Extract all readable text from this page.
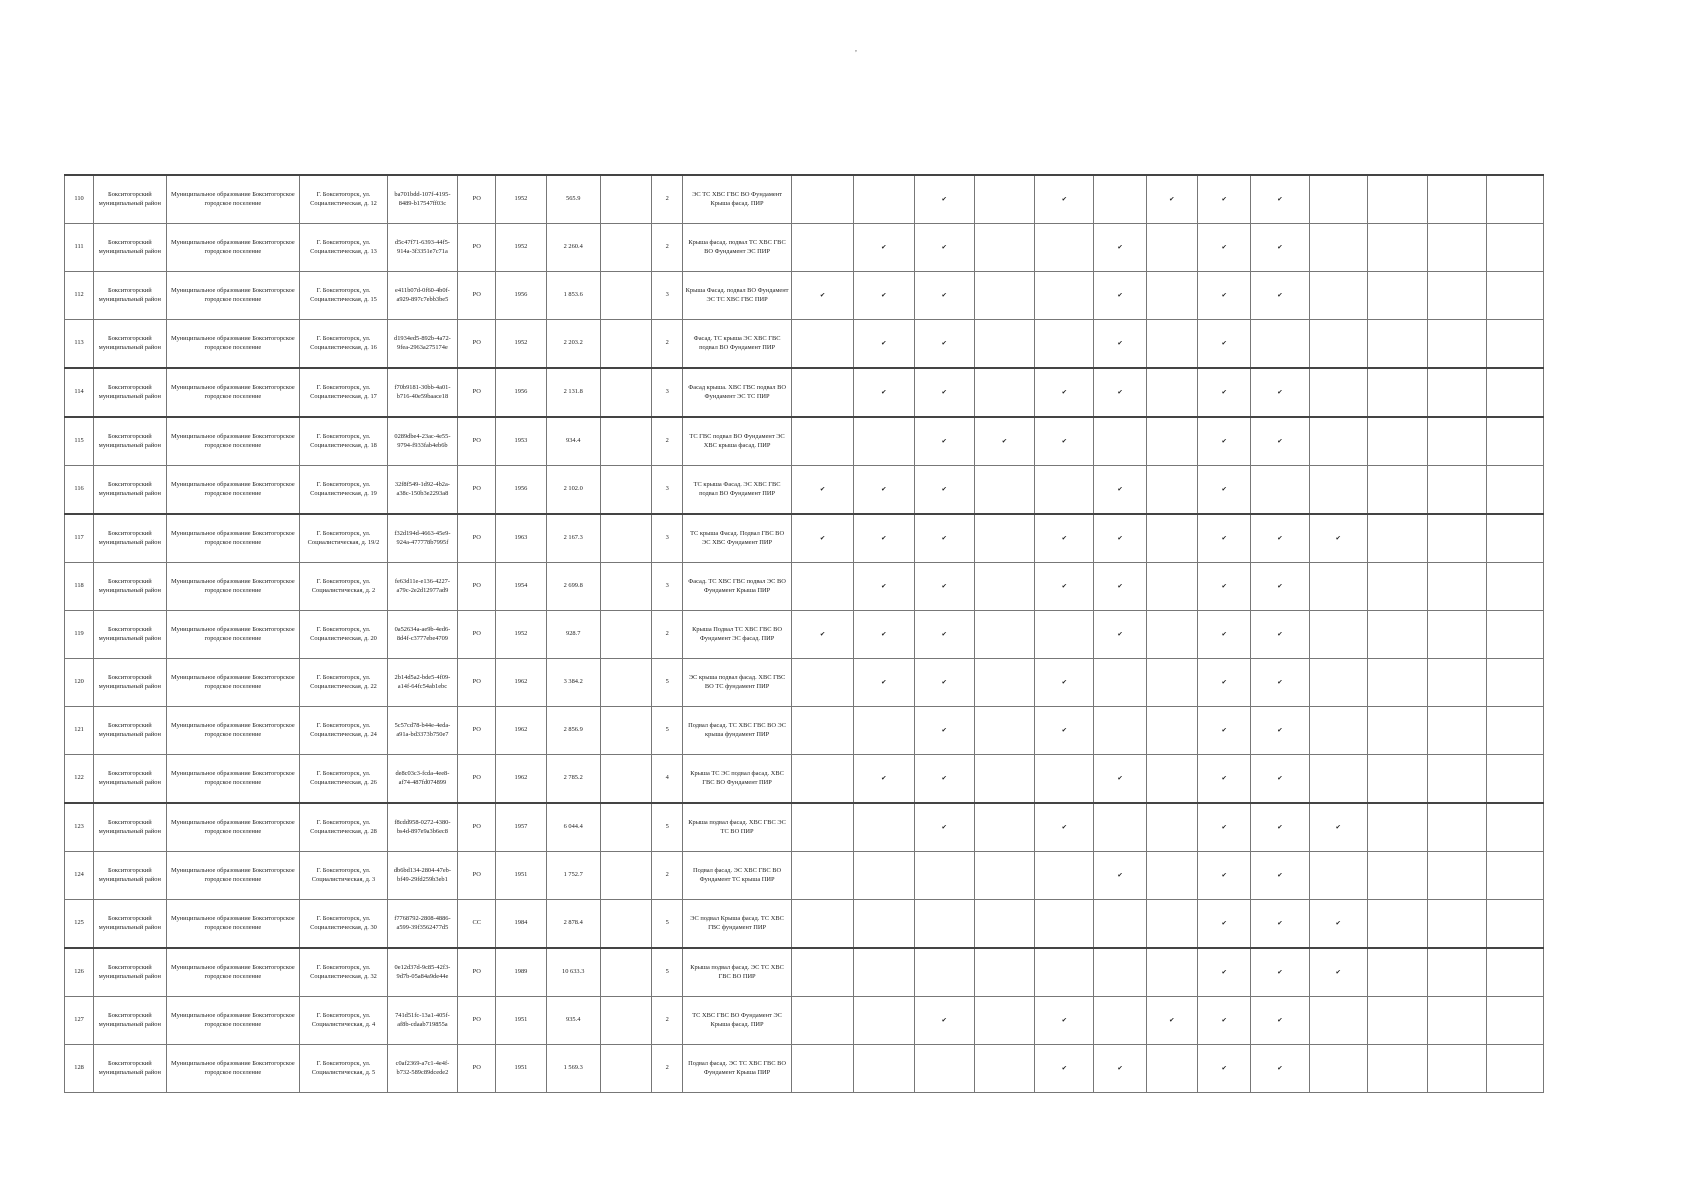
,
110	Бокситогорский муниципальный район	Муниципальное образование Бокситогорское городское поселение	Г. Бокситогорск, ул. Социалистическая, д. 12	ba701bdd-107f-4195-8489-b17547ff03c	РО	1952	565.9		2	ЭС ТС ХВС ГВС ВО Фундамент Крыша фасад. ПИР			✔		✔		✔	✔	✔				
111	Бокситогорский муниципальный район	Муниципальное образование Бокситогорское городское поселение	Г. Бокситогорск, ул. Социалистическая, д. 13	d5c47f71-6393-44f5-914a-3f3351e7c71a	РО	1952	2 260.4		2	Крыша фасад. подвал ТС ХВС ГВС ВО Фундамент ЭС ПИР		✔	✔			✔		✔	✔				
112	Бокситогорский муниципальный район	Муниципальное образование Бокситогорское городское поселение	Г. Бокситогорск, ул. Социалистическая, д. 15	e411b07d-0f60-4b0f-a929-897c7ebb3be5	РО	1956	1 853.6		3	Крыша Фасад. подвал ВО Фундамент ЭС ТС ХВС ГВС ПИР	✔	✔	✔			✔		✔	✔				
113	Бокситогорский муниципальный район	Муниципальное образование Бокситогорское городское поселение	Г. Бокситогорск, ул. Социалистическая, д. 16	d1934ed5-892b-4a72-9fea-2963a275174e	РО	1952	2 203.2		2	Фасад. ТС крыша ЭС ХВС ГВС подвал ВО Фундамент ПИР		✔	✔			✔		✔					
114	Бокситогорский муниципальный район	Муниципальное образование Бокситогорское городское поселение	Г. Бокситогорск, ул. Социалистическая, д. 17	f70b9181-30bb-4a01-b716-40e59baace18	РО	1956	2 131.8		3	Фасад крыша. ХВС ГВС подвал ВО Фундамент ЭС ТС ПИР		✔	✔		✔	✔		✔	✔				
115	Бокситогорский муниципальный район	Муниципальное образование Бокситогорское городское поселение	Г. Бокситогорск, ул. Социалистическая, д. 18	0289dbe4-23ac-4e55-9794-f933fab4eb6b	РО	1953	934.4		2	ТС ГВС подвал ВО Фундамент ЭС ХВС крыша фасад. ПИР			✔	✔	✔			✔	✔				
116	Бокситогорский муниципальный район	Муниципальное образование Бокситогорское городское поселение	Г. Бокситогорск, ул. Социалистическая, д. 19	32f8f549-1d92-4b2a-a38c-150b3e2293a8	РО	1956	2 102.0		3	ТС крыша Фасад. ЭС ХВС ГВС подвал ВО Фундамент ПИР	✔	✔	✔			✔		✔					
117	Бокситогорский муниципальный район	Муниципальное образование Бокситогорское городское поселение	Г. Бокситогорск, ул. Социалистическая, д. 19/2	f32d194d-4663-45e9-924a-477778b7995f	РО	1963	2 167.3		3	ТС крыша Фасад. Подвал ГВС ВО ЭС ХВС Фундамент ПИР	✔	✔	✔		✔	✔		✔	✔	✔			
118	Бокситогорский муниципальный район	Муниципальное образование Бокситогорское городское поселение	Г. Бокситогорск, ул. Социалистическая, д. 2	fe63d11e-e136-4227-a79c-2e2d12977ad9	РО	1954	2 699.8		3	Фасад. ТС ХВС ГВС подвал ЭС ВО Фундамент Крыша ПИР		✔	✔		✔	✔		✔	✔				
119	Бокситогорский муниципальный район	Муниципальное образование Бокситогорское городское поселение	Г. Бокситогорск, ул. Социалистическая, д. 20	0a52634a-ae9b-4ed6-8d4f-c3777ebe4709	РО	1952	928.7		2	Крыша Подвал ТС ХВС ГВС ВО Фундамент ЭС фасад. ПИР	✔	✔	✔			✔		✔	✔				
120	Бокситогорский муниципальный район	Муниципальное образование Бокситогорское городское поселение	Г. Бокситогорск, ул. Социалистическая, д. 22	2b14d5a2-bde5-4f09-a14f-64fc54ab1ebc	РО	1962	3 384.2		5	ЭС крыша подвал фасад. ХВС ГВС ВО ТС фундамент ПИР		✔	✔		✔			✔	✔				
121	Бокситогорский муниципальный район	Муниципальное образование Бокситогорское городское поселение	Г. Бокситогорск, ул. Социалистическая, д. 24	5c57cd78-b44e-4eda-a91a-bd3373b750e7	РО	1962	2 856.9		5	Подвал фасад. ТС ХВС ГВС ВО ЭС крыша фундамент ПИР			✔		✔			✔	✔				
122	Бокситогорский муниципальный район	Муниципальное образование Бокситогорское городское поселение	Г. Бокситогорск, ул. Социалистическая, д. 26	de8c03c3-fcda-4ee8-af74-487fd074899	РО	1962	2 785.2		4	Крыша ТС ЭС подвал фасад. ХВС ГВС ВО Фундамент ПИР		✔	✔			✔		✔	✔				
123	Бокситогорский муниципальный район	Муниципальное образование Бокситогорское городское поселение	Г. Бокситогорск, ул. Социалистическая, д. 28	f8cdd958-0272-4380-bs4d-897e9a3b6ec8	РО	1957	6 044.4		5	Крыша подвал фасад. ХВС ГВС ЭС ТС ВО ПИР			✔		✔			✔	✔	✔			
124	Бокситогорский муниципальный район	Муниципальное образование Бокситогорское городское поселение	Г. Бокситогорск, ул. Социалистическая, д. 3	db6bd134-2804-47eb-bf49-29fd259b3eb1	РО	1951	1 752.7		2	Подвал фасад. ЭС ХВС ГВС ВО Фундамент ТС крыша ПИР						✔		✔	✔				
125	Бокситогорский муниципальный район	Муниципальное образование Бокситогорское городское поселение	Г. Бокситогорск, ул. Социалистическая, д. 30	f7768792-2808-4886-a599-39f3562477d5	СС	1984	2 878.4		5	ЭС подвал Крыша фасад. ТС ХВС ГВС фундамент ПИР								✔	✔	✔			
126	Бокситогорский муниципальный район	Муниципальное образование Бокситогорское городское поселение	Г. Бокситогорск, ул. Социалистическая, д. 32	0e12d37d-9c85-42f3-9d7b-05a84a9de44e	РО	1989	10 633.3		5	Крыша подвал фасад. ЭС ТС ХВС ГВС ВО ПИР								✔	✔	✔			
127	Бокситогорский муниципальный район	Муниципальное образование Бокситогорское городское поселение	Г. Бокситогорск, ул. Социалистическая, д. 4	741d51fc-13a1-405f-af8b-cdaab719855a	РО	1951	935.4		2	ТС ХВС ГВС ВО Фундамент ЭС Крыша фасад. ПИР			✔		✔		✔	✔	✔				
128	Бокситогорский муниципальный район	Муниципальное образование Бокситогорское городское поселение	Г. Бокситогорск, ул. Социалистическая, д. 5	c0af2369-a7c1-4e4f-b732-589c89dcede2	РО	1951	1 569.3		2	Подвал фасад. ЭС ТС ХВС ГВС ВО Фундамент Крыша ПИР					✔	✔		✔	✔				
